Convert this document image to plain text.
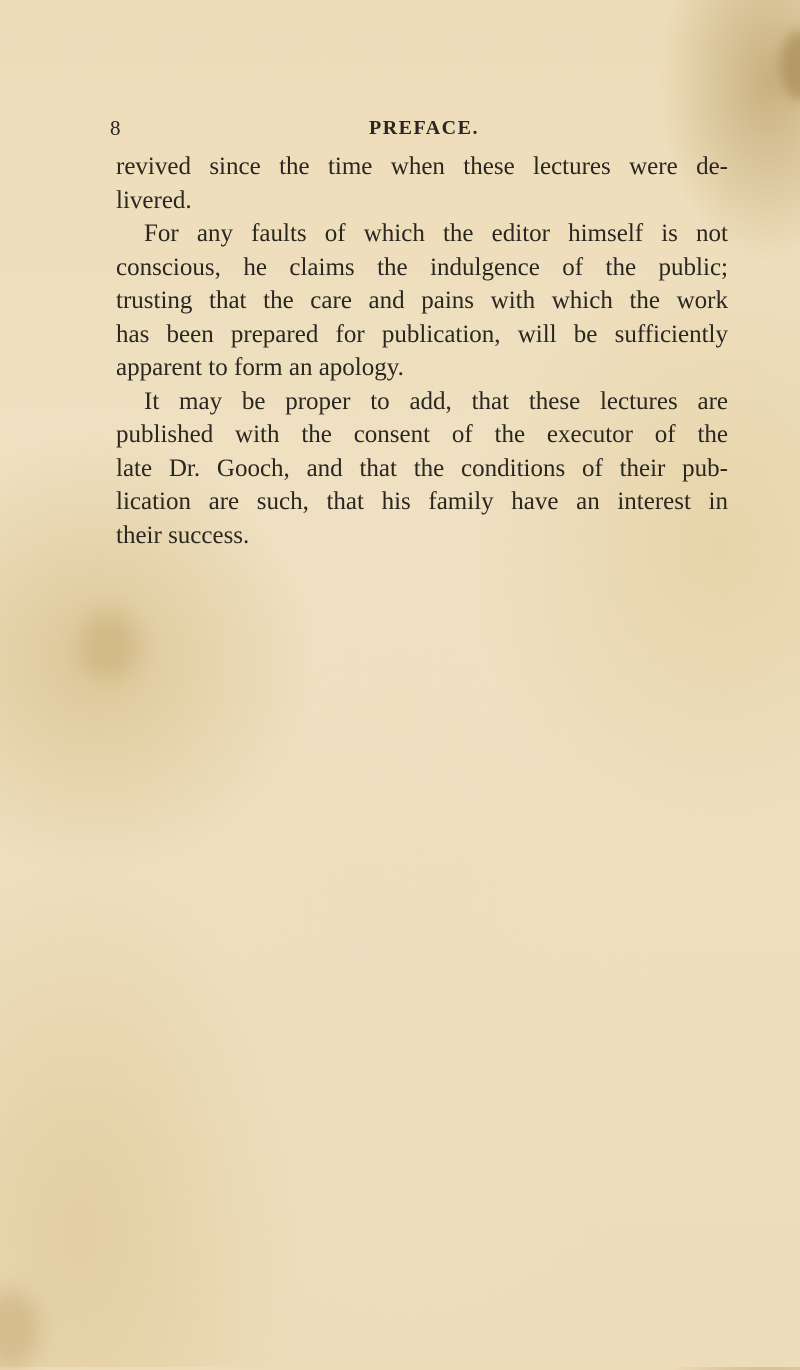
8	PREFACE.
revived since the time when these lectures were de-
livered.
For any faults of which the editor himself is not
conscious, he claims the indulgence of the public;
trusting that the care and pains with which the work
has been prepared for publication, will be sufficiently
apparent to form an apology.
It may be proper to add, that these lectures are
published with the consent of the executor of the
late Dr. Gooch, and that the conditions of their pub-
lication are such, that his family have an interest in
their success.
